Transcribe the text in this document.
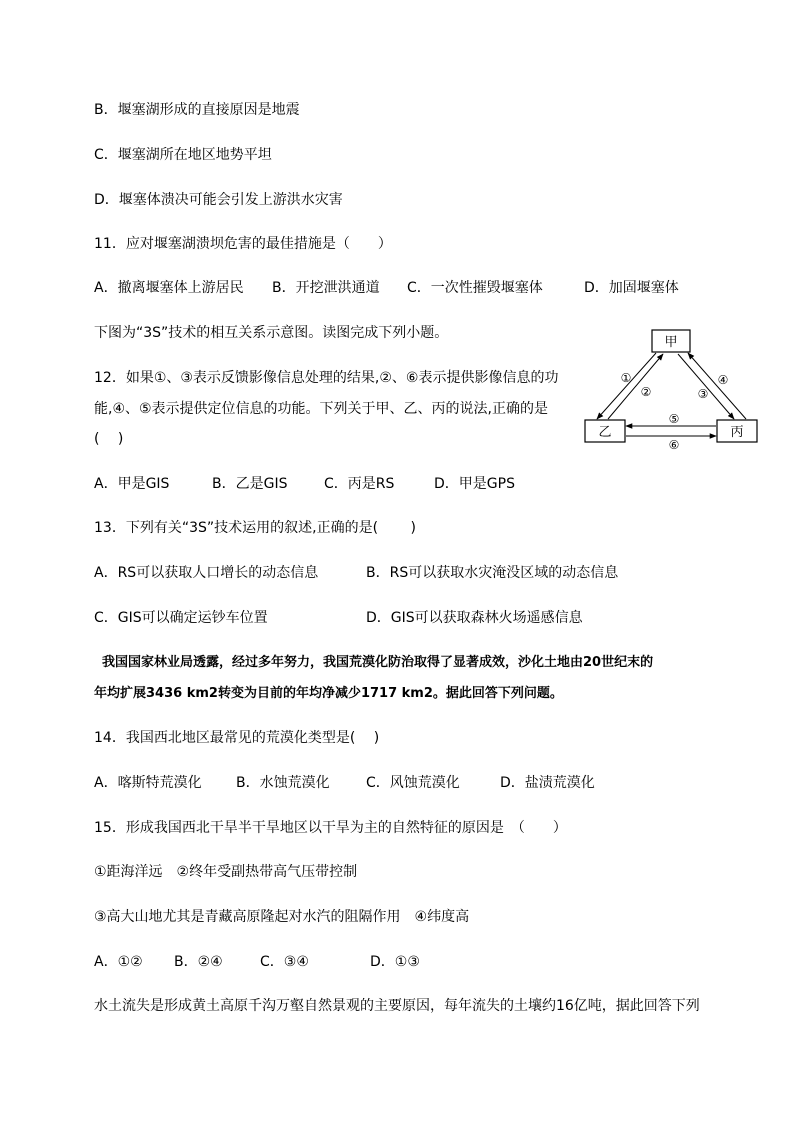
B．堰塞湖形成的直接原因是地震
C．堰塞湖所在地区地势平坦
D．堰塞体溃决可能会引发上游洪水灾害
11．应对堰塞湖溃坝危害的最佳措施是（　　）
A．撤离堰塞体上游居民 B．开挖泄洪通道 C．一次性摧毁堰塞体	D．加固堰塞体
下图为“3S”技术的相互关系示意图。读图完成下列小题。
12．如果①、③表示反馈影像信息处理的结果,②、⑥表示提供影像信息的功
能,④、⑤表示提供定位信息的功能。下列关于甲、乙、丙的说法,正确的是
(　 )
甲
乙	丙
①
②	③
④
⑤
⑥
A．甲是GIS	B．乙是GIS	C．丙是RS	D．甲是GPS
13．下列有关“3S”技术运用的叙述,正确的是(　　 )
A．RS可以获取人口增长的动态信息	B．RS可以获取水灾淹没区域的动态信息
C．GIS可以确定运钞车位置	D．GIS可以获取森林火场遥感信息
我国国家林业局透露，经过多年努力，我国荒漠化防治取得了显著成效，沙化土地由20世纪末的
年均扩展3436 km2转变为目前的年均净减少1717 km2。据此回答下列问题。
14．我国西北地区最常见的荒漠化类型是(　 )
A．喀斯特荒漠化 B．水蚀荒漠化	C．风蚀荒漠化	D．盐渍荒漠化
15．形成我国西北干旱半干旱地区以干旱为主的自然特征的原因是　（　　）
①距海洋远　②终年受副热带高气压带控制
③高大山地尤其是青藏高原隆起对水汽的阻隔作用　④纬度高
A．①② B．②④	C．③④	D．①③
水土流失是形成黄土高原千沟万壑自然景观的主要原因，每年流失的土壤约16亿吨，据此回答下列
